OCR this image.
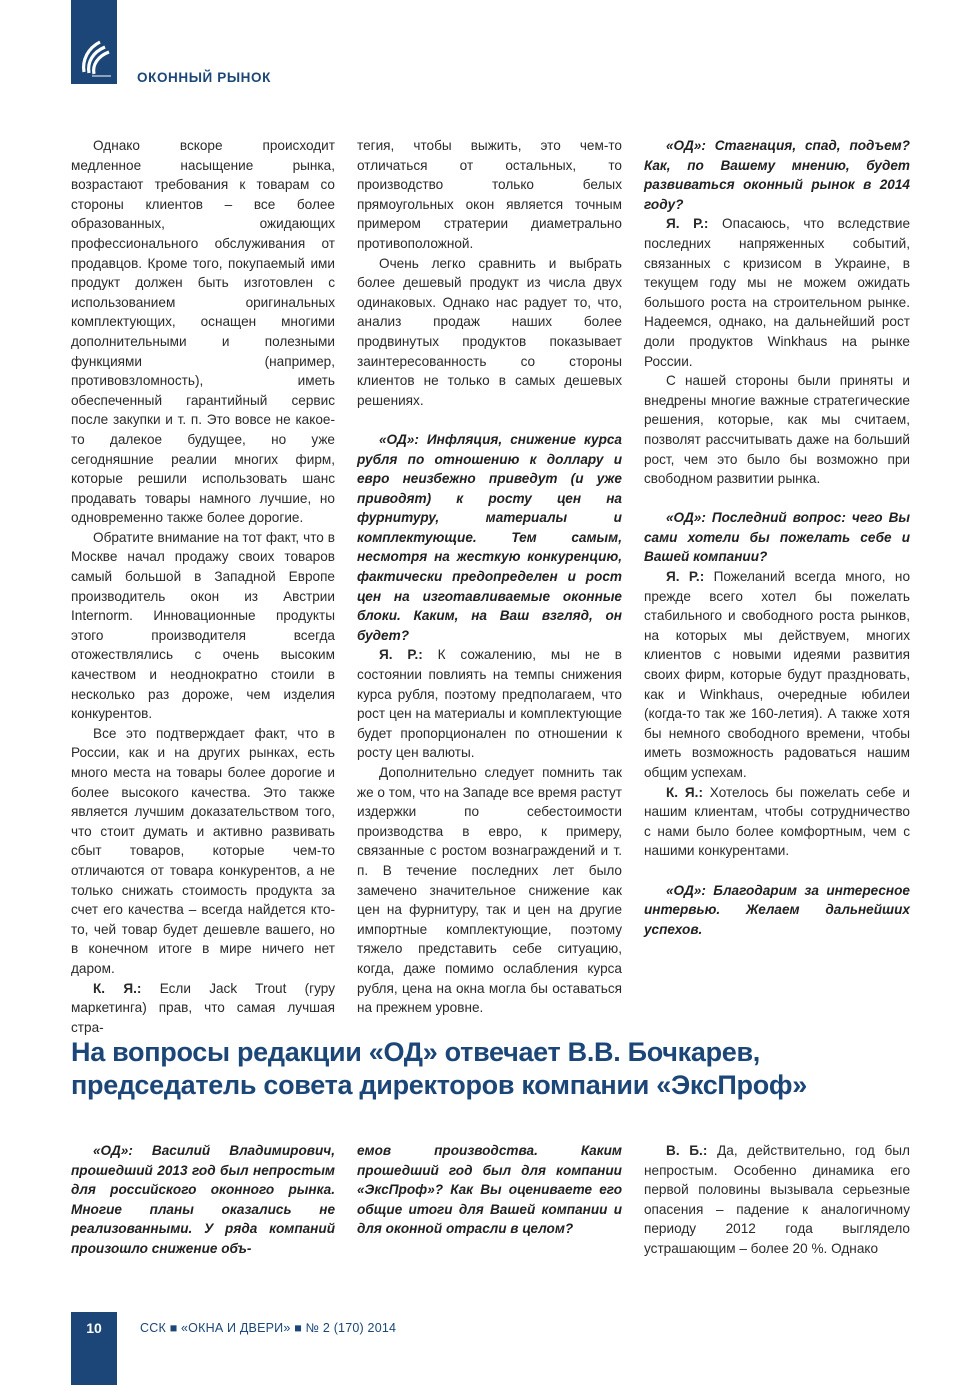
ОКОННЫЙ РЫНОК

Однако вскоре происходит медленное насыщение рынка, возрастают требования к товарам со стороны клиентов – все более образованных, ожидающих профессионального обслуживания от продавцов. Кроме того, покупаемый ими продукт должен быть изготовлен с использованием оригинальных комплектующих, оснащен многими дополнительными и полезными функциями (например, противовзломность), иметь обеспеченный гарантийный сервис после закупки и т. п. Это вовсе не какое-то далекое будущее, но уже сегодняшние реалии многих фирм, которые решили использовать шанс продавать товары намного лучшие, но одновременно также более дорогие.

Обратите внимание на тот факт, что в Москве начал продажу своих товаров самый большой в Западной Европе производитель окон из Австрии Internorm. Инновационные продукты этого производителя всегда отожествлялись с очень высоким качеством и неоднократно стоили в несколько раз дороже, чем изделия конкурентов.

Все это подтверждает факт, что в России, как и на других рынках, есть много места на товары более дорогие и более высокого качества. Это также является лучшим доказательством того, что стоит думать и активно развивать сбыт товаров, которые чем-то отличаются от товара конкурентов, а не только снижать стоимость продукта за счет его качества – всегда найдется кто-то, чей товар будет дешевле вашего, но в конечном итоге в мире ничего нет даром.

К. Я.: Если Jack Trout (гуру маркетинга) прав, что самая лучшая стра-

тегия, чтобы выжить, это чем-то отличаться от остальных, то производство только белых прямоугольных окон является точным примером стратерии диаметрально противоположной.

Очень легко сравнить и выбрать более дешевый продукт из числа двух одинаковых. Однако нас радует то, что, анализ продаж наших более продвинутых продуктов показывает заинтересованность со стороны клиентов не только в самых дешевых решениях.

«ОД»: Инфляция, снижение курса рубля по отношению к доллару и евро неизбежно приведут (и уже приводят) к росту цен на фурнитуру, материалы и комплектующие. Тем самым, несмотря на жесткую конкуренцию, фактически предопределен и рост цен на изготавливаемые оконные блоки. Каким, на Ваш взгляд, он будет?

Я. Р.: К сожалению, мы не в состоянии повлиять на темпы снижения курса рубля, поэтому предполагаем, что рост цен на материалы и комплектующие будет пропорционален по отношении к росту цен валюты.

Дополнительно следует помнить так же о том, что на Западе все время растут издержки по себестоимости производства в евро, к примеру, связанные с ростом вознаграждений и т. п. В течение последних лет было замечено значительное снижение как цен на фурнитуру, так и цен на другие импортные комплектующие, поэтому тяжело представить себе ситуацию, когда, даже помимо ослабления курса рубля, цена на окна могла бы оставаться на прежнем уровне.

«ОД»: Стагнация, спад, подъем? Как, по Вашему мнению, будет развиваться оконный рынок в 2014 году?

Я. Р.: Опасаюсь, что вследствие последних напряженных событий, связанных с кризисом в Украине, в текущем году мы не можем ожидать большого роста на строительном рынке. Надеемся, однако, на дальнейший рост доли продуктов Winkhaus на рынке России.

С нашей стороны были приняты и внедрены многие важные стратегические решения, которые, как мы считаем, позволят рассчитывать даже на больший рост, чем это было бы возможно при свободном развитии рынка.

«ОД»: Последний вопрос: чего Вы сами хотели бы пожелать себе и Вашей компании?

Я. Р.: Пожеланий всегда много, но прежде всего хотел бы пожелать стабильного и свободного роста рынков, на которых мы действуем, многих клиентов с новыми идеями развития своих фирм, которые будут праздновать, как и Winkhaus, очередные юбилеи (когда-то так же 160-летия). А также хотя бы немного свободного времени, чтобы иметь возможность радоваться нашим общим успехам.

К. Я.: Хотелось бы пожелать себе и нашим клиентам, чтобы сотрудничество с нами было более комфортным, чем с нашими конкурентами.

«ОД»: Благодарим за интересное интервью. Желаем дальнейших успехов.

На вопросы редакции «ОД» отвечает В.В. Бочкарев,
председатель совета директоров компании «ЭксПроф»

«ОД»: Василий Владимирович, прошедший 2013 год был непростым для российского оконного рынка. Многие планы оказались не реализованными. У ряда компаний произошло снижение объ-

емов производства. Каким прошедший год был для компании «ЭксПроф»? Как Вы оцениваете его общие итоги для Вашей компании и для оконной отрасли в целом?

В. Б.: Да, действительно, год был непростым. Особенно динамика его первой половины вызывала серьезные опасения – падение к аналогичному периоду 2012 года выглядело устрашающим – более 20 %. Однако

10	ССК ■ «ОКНА И ДВЕРИ» ■ № 2 (170) 2014
